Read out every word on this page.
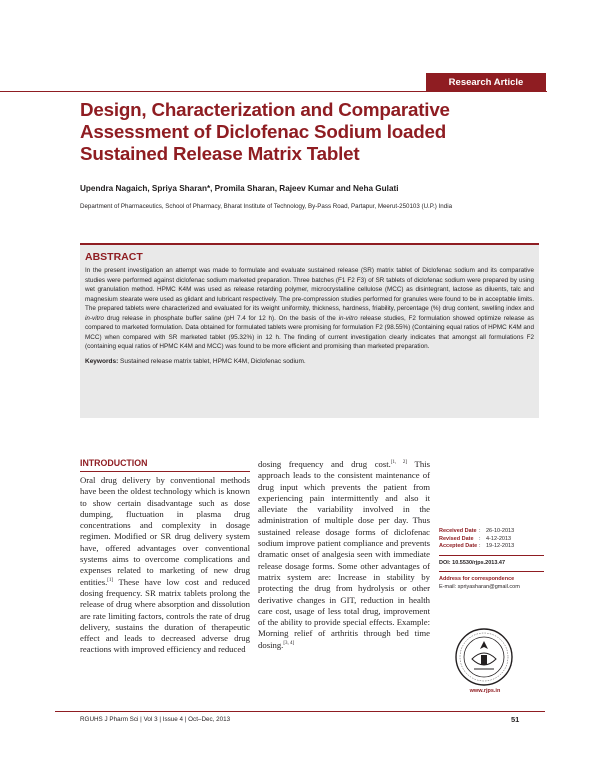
Research Article
Design, Characterization and Comparative Assessment of Diclofenac Sodium loaded Sustained Release Matrix Tablet
Upendra Nagaich, Spriya Sharan*, Promila Sharan, Rajeev Kumar and Neha Gulati
Department of Pharmaceutics, School of Pharmacy, Bharat Institute of Technology, By-Pass Road, Partapur, Meerut-250103 (U.P.) India
ABSTRACT
In the present investigation an attempt was made to formulate and evaluate sustained release (SR) matrix tablet of Diclofenac sodium and its comparative studies were performed against diclofenac sodium marketed preparation. Three batches (F1 F2 F3) of SR tablets of diclofenac sodium were prepared by using wet granulation method. HPMC K4M was used as release retarding polymer, microcrystalline cellulose (MCC) as disintegrant, lactose as diluents, talc and magnesium stearate were used as glidant and lubricant respectively. The pre-compression studies performed for granules were found to be in acceptable limits. The prepared tablets were characterized and evaluated for its weight uniformity, thickness, hardness, friability, percentage (%) drug content, swelling index and in-vitro drug release in phosphate buffer saline (pH 7.4 for 12 h). On the basis of the in-vitro release studies, F2 formulation showed optimize release as compared to marketed formulation. Data obtained for formulated tablets were promising for formulation F2 (98.55%) (Containing equal ratios of HPMC K4M and MCC) when compared with SR marketed tablet (95.32%) in 12 h. The finding of current investigation clearly indicates that amongst all formulations F2 (containing equal ratios of HPMC K4M and MCC) was found to be more efficient and promising than marketed preparation.
Keywords: Sustained release matrix tablet, HPMC K4M, Diclofenac sodium.
INTRODUCTION
Oral drug delivery by conventional methods have been the oldest technology which is known to show certain disadvantage such as dose dumping, fluctuation in plasma drug concentrations and complexity in dosage regimen. Modified or SR drug delivery system have, offered advantages over conventional systems aims to overcome complications and expenses related to marketing of new drug entities.[1] These have low cost and reduced dosing frequency. SR matrix tablets prolong the release of drug where absorption and dissolution are rate limiting factors, controls the rate of drug delivery, sustains the duration of therapeutic effect and leads to decreased adverse drug reactions with improved efficiency and reduced
dosing frequency and drug cost.[1, 2] This approach leads to the consistent maintenance of drug input which prevents the patient from experiencing pain intermittently and also it alleviate the variability involved in the administration of multiple dose per day. Thus sustained release dosage forms of diclofenac sodium improve patient compliance and prevents dramatic onset of analgesia seen with immediate release dosage forms. Some other advantages of matrix system are: Increase in stability by protecting the drug from hydrolysis or other derivative changes in GIT, reduction in health care cost, usage of less total drug, improvement of the ability to provide special effects. Example: Morning relief of arthritis through bed time dosing.[3, 4]
Received Date : 26-10-2013
Revised Date : 4-12-2013
Accepted Date : 19-12-2013
DOI: 10.5530/rjps.2013.47
Address for correspondence
E-mail: spriyasharan@gmail.com
www.rjps.in
RGUHS J Pharm Sci | Vol 3 | Issue 4 | Oct–Dec, 2013	51
